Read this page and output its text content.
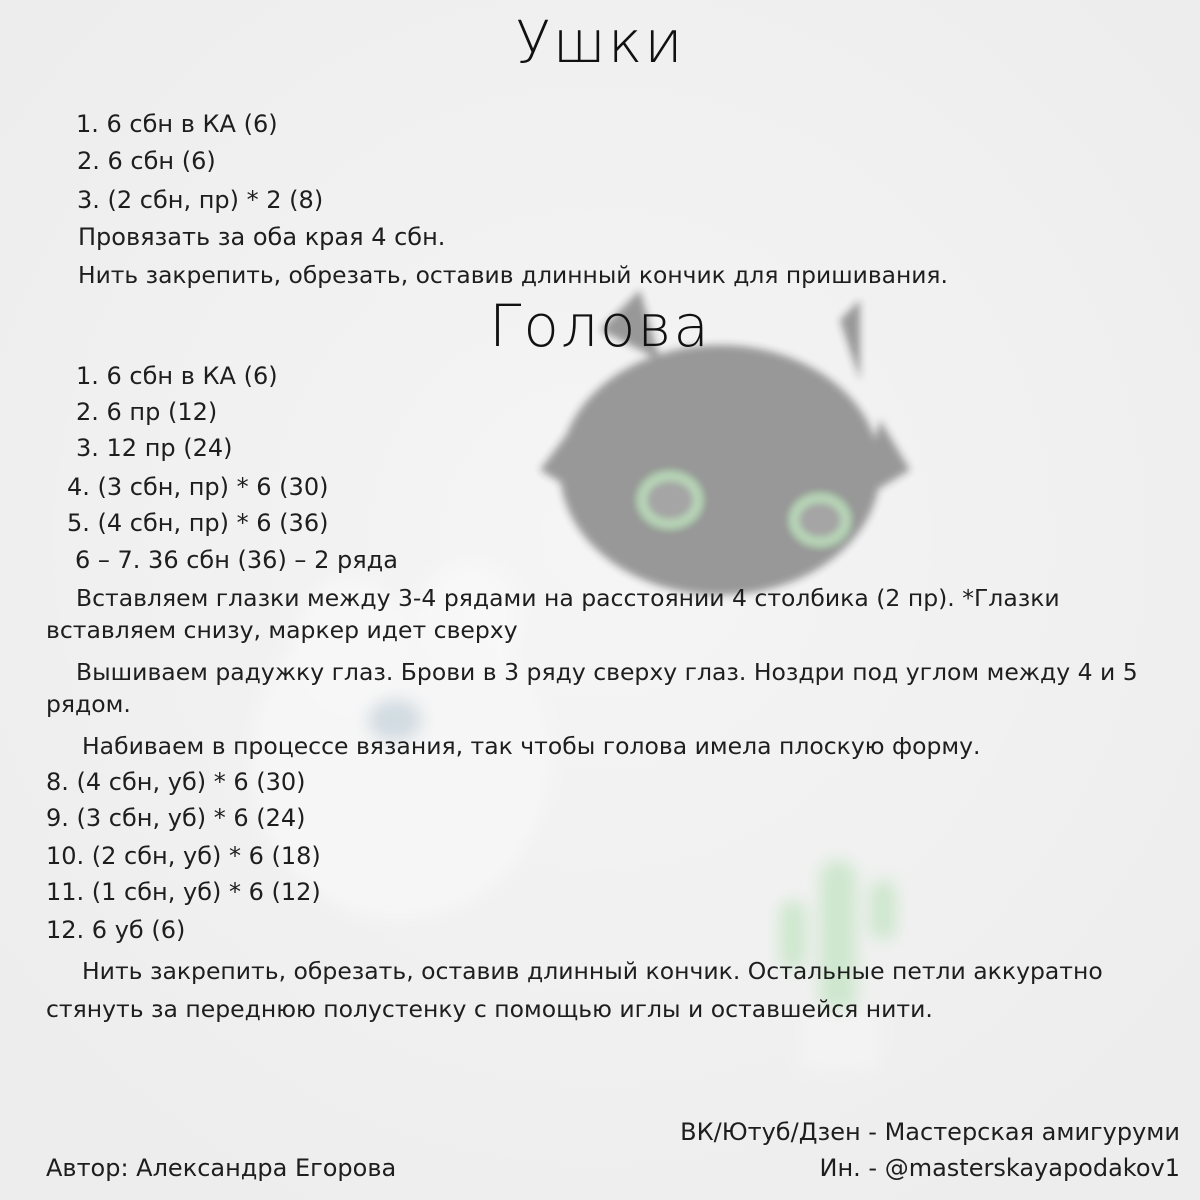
Ушки

1. 6 сбн в КА (6)

2. 6 сбн (6)

3. (2 сбн, пр) * 2 (8)

Провязать за оба края 4 сбн.

Нить закрепить, обрезать, оставив длинный кончик для пришивания.

Голова

1. 6 сбн в КА (6)

2. 6 пр (12)

3. 12 пр (24)

4. (3 сбн, пр) * 6 (30)

5. (4 сбн, пр) * 6 (36)

6 – 7. 36 сбн (36) – 2 ряда

Вставляем глазки между 3-4 рядами на расстоянии 4 столбика (2 пр). *Глазки вставляем снизу, маркер идет сверху

Вышиваем радужку глаз. Брови в 3 ряду сверху глаз. Ноздри под углом между 4 и 5 рядом.

Набиваем в процессе вязания, так чтобы голова имела плоскую форму.

8. (4 сбн, уб) * 6 (30)

9. (3 сбн, уб) * 6 (24)

10. (2 сбн, уб) * 6 (18)

11. (1 сбн, уб) * 6 (12)

12. 6 уб (6)

Нить закрепить, обрезать, оставив длинный кончик. Остальные петли аккуратно стянуть за переднюю полустенку с помощью иглы и оставшейся нити.

Автор: Александра Егорова
ВК/Ютуб/Дзен - Мастерская амигуруми
Ин. - @masterskayapodakov1
